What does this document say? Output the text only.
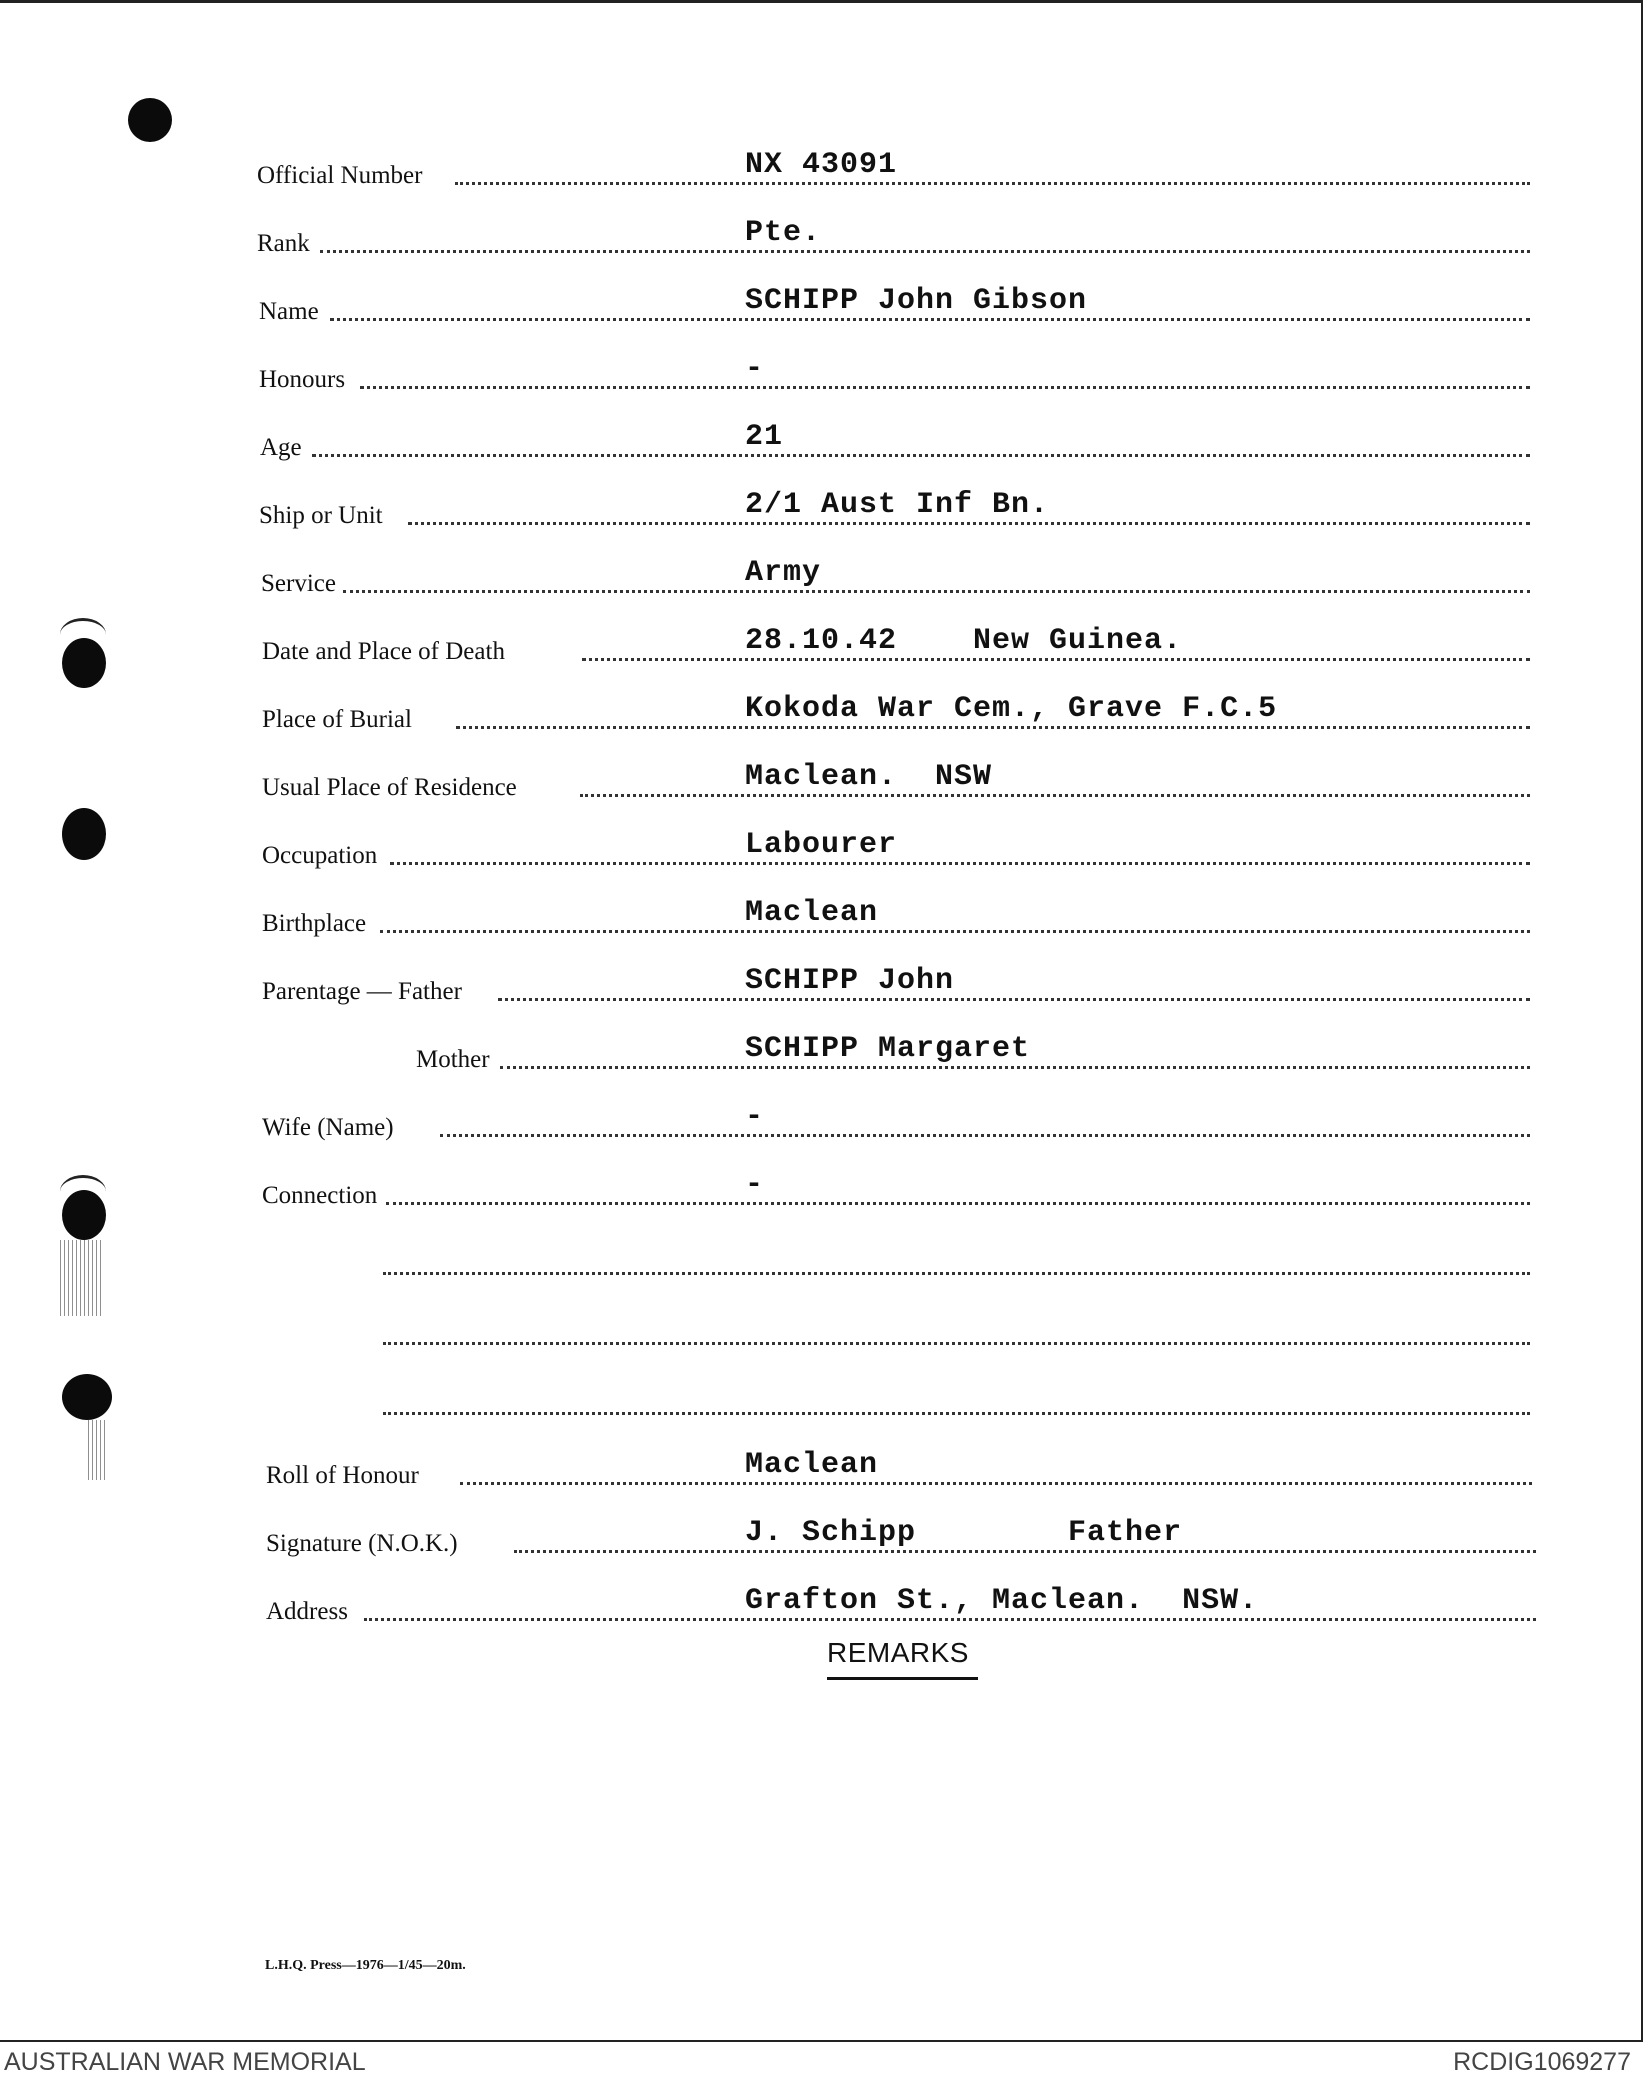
Official Number	NX 43091
Rank	Pte.
Name	SCHIPP John Gibson
Honours	-
Age	21
Ship or Unit	2/1 Aust Inf Bn.
Service	Army
Date and Place of Death	28.10.42    New Guinea.
Place of Burial	Kokoda War Cem., Grave F.C.5
Usual Place of Residence	Maclean.  NSW
Occupation	Labourer
Birthplace	Maclean
Parentage — Father	SCHIPP John
Mother	SCHIPP Margaret
Wife (Name)	-
Connection	-
Roll of Honour	Maclean
Signature (N.O.K.)	J. Schipp        Father
Address	Grafton St., Maclean.  NSW.
REMARKS
L.H.Q. Press—1976—1/45—20m.
AUSTRALIAN WAR MEMORIAL	RCDIG1069277
